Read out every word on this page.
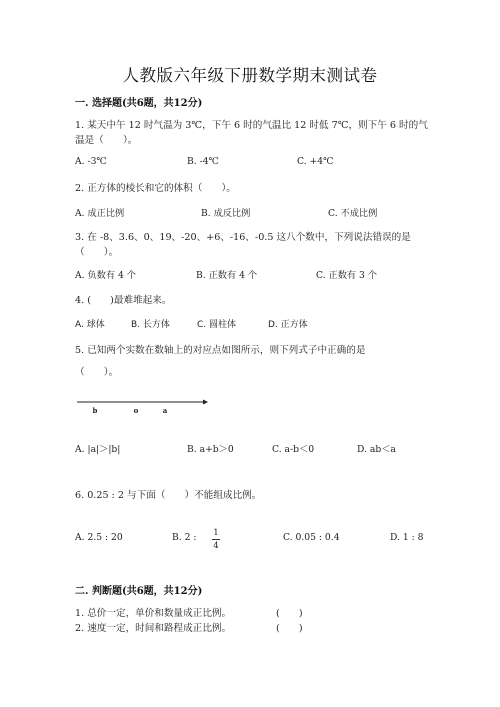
人教版六年级下册数学期末测试卷
一. 选择题(共6题，共12分)
1. 某天中午 12 时气温为 3℃，下午 6 时的气温比 12 时低 7℃，则下午 6 时的气
温是（　　）。
A. -3℃	B. -4℃	C. +4℃
2. 正方体的棱长和它的体积（　　）。
A. 成正比例	B. 成反比例	C. 不成比例
3. 在 -8、3.6、0、19、-20、+6、-16、-0.5 这八个数中，下列说法错误的是
（　　）。
A. 负数有 4 个	B. 正数有 4 个	C. 正数有 3 个
4. (　　)最难堆起来。
A. 球体	B. 长方体	C. 圆柱体	D. 正方体
5. 已知两个实数在数轴上的对应点如图所示，则下列式子中正确的是
（　　）。
b	o	a
A. |a|＞|b|	B. a+b＞0	C. a-b＜0	D. ab＜a
6. 0.25 : 2 与下面（　　）不能组成比例。
A. 2.5 : 20	B. 2 : 1
4
C. 0.05 : 0.4	D. 1 : 8
二. 判断题(共6题，共12分)
1. 总价一定，单价和数量成正比例。	(　　)
2. 速度一定，时间和路程成正比例。	(　　)
